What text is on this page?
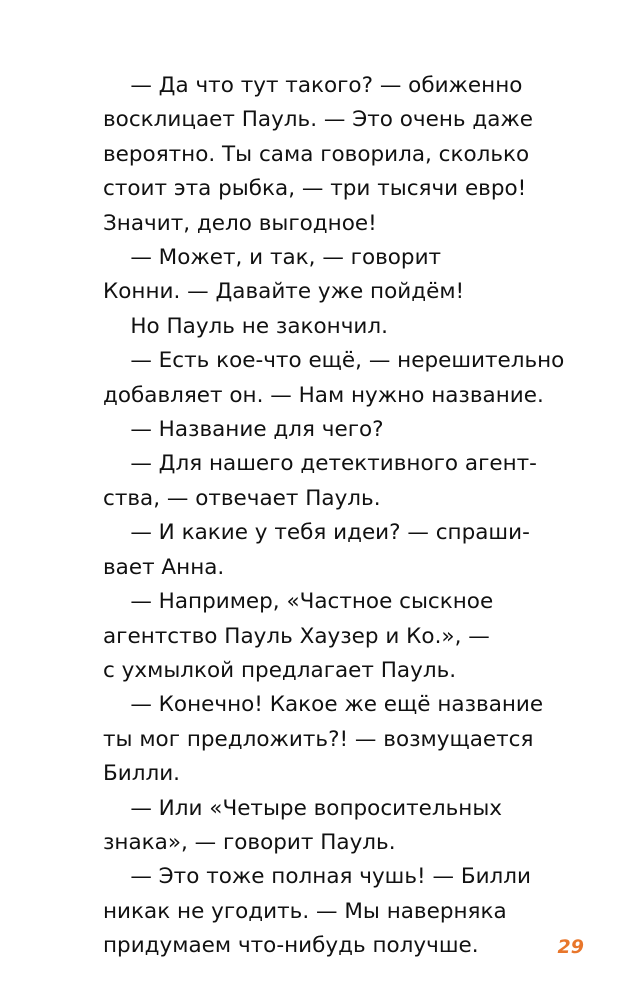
— Да что тут такого? — обиженно
восклицает Пауль. — Это очень даже
вероятно. Ты сама говорила, сколько
стоит эта рыбка, — три тысячи евро!
Значит, дело выгодное!
— Может, и так, — говорит
Конни. — Давайте уже пойдём!
Но Пауль не закончил.
— Есть кое-что ещё, — нерешительно
добавляет он. — Нам нужно название.
— Название для чего?
— Для нашего детективного агент-
ства, — отвечает Пауль.
— И какие у тебя идеи? — спраши-
вает Анна.
— Например, «Частное сыскное
агентство Пауль Хаузер и Ко.», —
с ухмылкой предлагает Пауль.
— Конечно! Какое же ещё название
ты мог предложить?! — возмущается
Билли.
— Или «Четыре вопросительных
знака», — говорит Пауль.
— Это тоже полная чушь! — Билли
никак не угодить. — Мы наверняка
придумаем что-нибудь получше.	29
